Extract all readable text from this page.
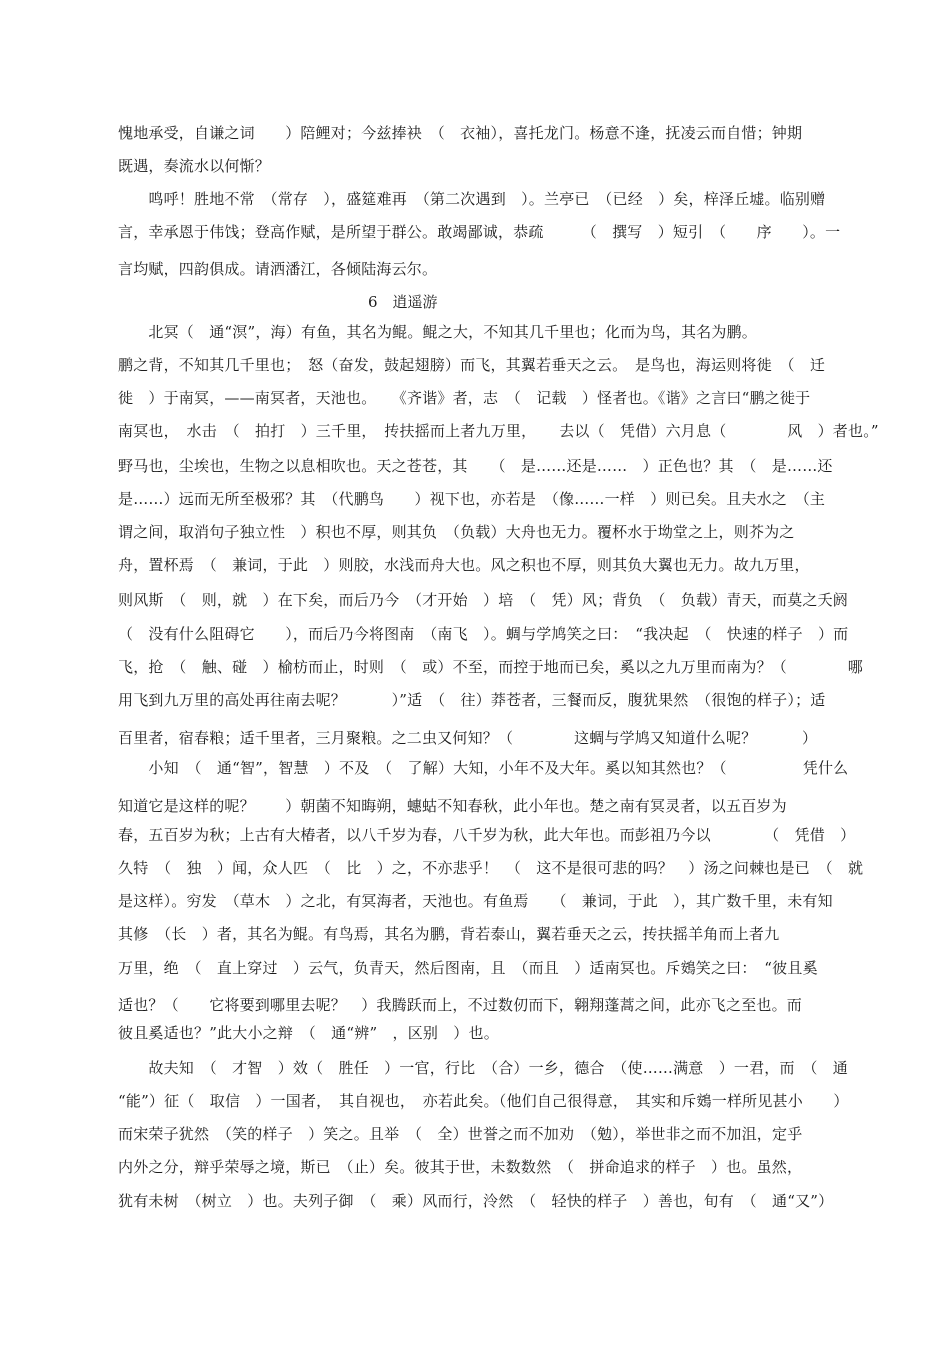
愧地承受，自谦之词　　）陪鲤对；今兹捧袂　（　衣袖），喜托龙门。杨意不逢，抚凌云而自惜；钟期
既遇，奏流水以何惭？
　　鸣呼！胜地不常　（常存　），盛筵难再　（第二次遇到　）。兰亭已　（已经　）矣，梓泽丘墟。临别赠
言，幸承恩于伟饯；登高作赋，是所望于群公。敢竭鄙诚，恭疏　　　（　撰写　）短引　（　　序　　）。一
言均赋，四韵俱成。请洒潘江，各倾陆海云尔。
6　逍遥游
　　北冥（　通“溟”，海）有鱼，其名为鲲。鲲之大，不知其几千里也；化而为鸟，其名为鹏。
鹏之背，不知其几千里也；　怒（奋发，鼓起翅膀）而飞，其翼若垂天之云。　是鸟也，海运则将徙　（　迁
徙　）于南冥，——南冥者，天池也。　　《齐谐》者，志　（　记载　）怪者也。《谐》之言曰“鹏之徙于
南冥也，　水击　（　拍打　）三千里，　抟扶摇而上者九万里，　　去以（　凭借）六月息（　　　　风　）者也。”
野马也，尘埃也，生物之以息相吹也。天之苍苍，其　　（　是……还是……　）正色也？其　（　是……还
是……）远而无所至极邪？其　（代鹏鸟　　）视下也，亦若是　（像……一样　）则已矣。且夫水之　（主
谓之间，取消句子独立性　）积也不厚，则其负　（负载）大舟也无力。覆杯水于坳堂之上，则芥为之
舟，置杯焉　（　兼词，于此　）则胶，水浅而舟大也。风之积也不厚，则其负大翼也无力。故九万里，
则风斯　（　则，就　）在下矣，而后乃今　（才开始　）培　（　凭）风；背负　（　负载）青天，而莫之夭阏
（　没有什么阻碍它　　），而后乃今将图南　（南飞　）。蜩与学鸠笑之曰：　“我决起　（　快速的样子　）而
飞，抢　（　触、碰　）榆枋而止，时则　（　或）不至，而控于地而已矣，奚以之九万里而南为？（　　　　哪
用飞到九万里的高处再往南去呢？　　　）”适　（　往）莽苍者，三餐而反，腹犹果然　（很饱的样子）；适
百里者，宿春粮；适千里者，三月聚粮。之二虫又何知？（　　　　这蜩与学鸠又知道什么呢？　　　）
　　小知　（　通“智”，智慧　）不及　（　了解）大知，小年不及大年。奚以知其然也？（　　　　　凭什么
知道它是这样的呢？　　）朝菌不知晦朔，蟪蛄不知春秋，此小年也。楚之南有冥灵者，以五百岁为
春，五百岁为秋；上古有大椿者，以八千岁为春，八千岁为秋，此大年也。而彭祖乃今以　　　　（　凭借　）
久特　（　独　）闻，众人匹　（　比　）之，不亦悲乎！　（　这不是很可悲的吗？　）汤之问棘也是已　（　就
是这样）。穷发　（草木　）之北，有冥海者，天池也。有鱼焉　　（　兼词，于此　），其广数千里，未有知
其修　（长　）者，其名为鲲。有鸟焉，其名为鹏，背若泰山，翼若垂天之云，抟扶摇羊角而上者九
万里，绝　（　直上穿过　）云气，负青天，然后图南，且　（而且　）适南冥也。斥鴳笑之曰：　“彼且奚
适也？（　　它将要到哪里去呢？　）我腾跃而上，不过数仞而下，翱翔蓬蒿之间，此亦飞之至也。而
彼且奚适也？”此大小之辩　（　通“辨”　，区别　）也。
　　故夫知　（　才智　）效（　胜任　）一官，行比　（合）一乡，德合　（使……满意　）一君，而　（　通
“能”）征（　取信　）一国者，　其自视也，　亦若此矣。（他们自己很得意，　其实和斥鴳一样所见甚小　　）
而宋荣子犹然　（笑的样子　）笑之。且举　（　全）世誉之而不加劝　（勉），举世非之而不加沮，定乎
内外之分，辩乎荣辱之境，斯已　（止）矣。彼其于世，未数数然　（　拼命追求的样子　）也。虽然，
犹有未树　（树立　）也。夫列子御　（　乘）风而行，泠然　（　轻快的样子　）善也，旬有　（　通“又”）
